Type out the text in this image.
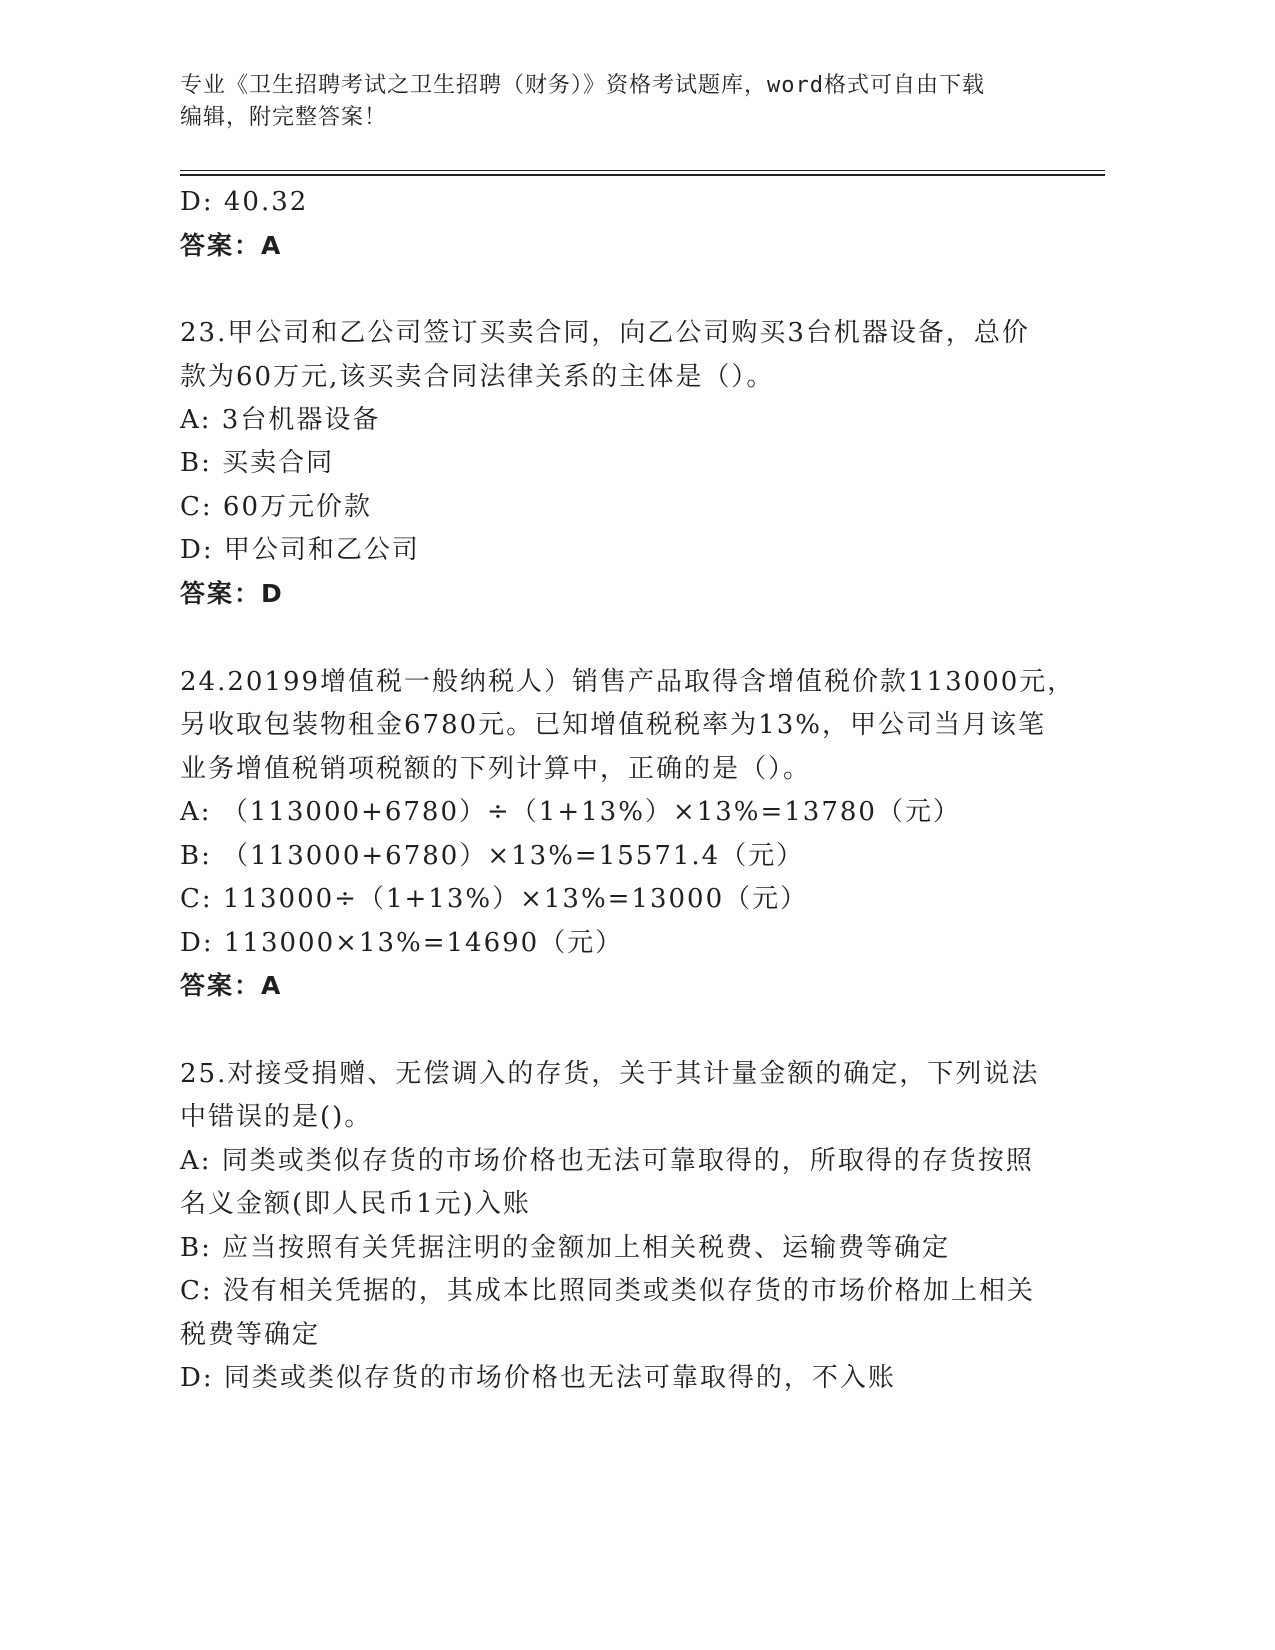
专业《卫生招聘考试之卫生招聘（财务）》资格考试题库，word格式可自由下载
编辑，附完整答案！
D: 40.32
答案：A
23.甲公司和乙公司签订买卖合同，向乙公司购买3台机器设备，总价
款为60万元,该买卖合同法律关系的主体是（）。
A: 3台机器设备
B: 买卖合同
C: 60万元价款
D: 甲公司和乙公司
答案：D
24.20199增值税一般纳税人）销售产品取得含增值税价款113000元，
另收取包装物租金6780元。已知增值税税率为13%，甲公司当月该笔
业务增值税销项税额的下列计算中，正确的是（）。
A: （113000+6780）÷（1+13%）×13%=13780（元）
B: （113000+6780）×13%=15571.4（元）
C: 113000÷（1+13%）×13%=13000（元）
D: 113000×13%=14690（元）
答案：A
25.对接受捐赠、无偿调入的存货，关于其计量金额的确定，下列说法
中错误的是()。
A: 同类或类似存货的市场价格也无法可靠取得的，所取得的存货按照
名义金额(即人民币1元)入账
B: 应当按照有关凭据注明的金额加上相关税费、运输费等确定
C: 没有相关凭据的，其成本比照同类或类似存货的市场价格加上相关
税费等确定
D: 同类或类似存货的市场价格也无法可靠取得的，不入账
